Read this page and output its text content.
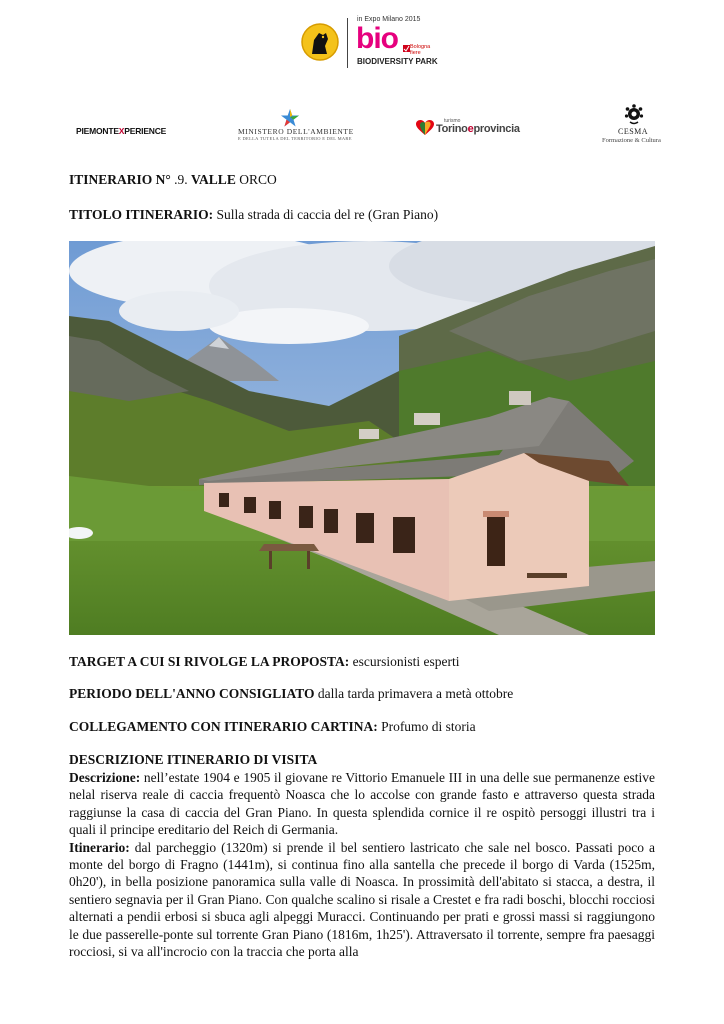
in Expo Milano 2015
bio Bologna
fiere
BIODIVERSITY PARK
PIEMONTEXPERIENCE	MINISTERO DELL'AMBIENTE
E DELLA TUTELA DEL TERRITORIO E DEL MARE
turismo
Torinoeprovincia	CESMA
Formazione & Cultura
ITINERARIO N° .9. VALLE ORCO
TITOLO ITINERARIO: Sulla strada di caccia del re (Gran Piano)
TARGET A CUI SI RIVOLGE LA PROPOSTA: escursionisti esperti
PERIODO DELL'ANNO CONSIGLIATO dalla tarda primavera a metà ottobre
COLLEGAMENTO CON ITINERARIO CARTINA: Profumo di storia
DESCRIZIONE ITINERARIO DI VISITA

Descrizione: nell’estate 1904 e 1905 il giovane re Vittorio Emanuele III in una delle sue permanenze estive nelal riserva reale di caccia frequentò Noasca che lo accolse con grande fasto e attraverso questa strada raggiunse la casa di caccia del Gran Piano. In questa splendida cornice il re ospitò persoggi illustri tra i quali il principe ereditario del Reich di Germania.

Itinerario: dal parcheggio (1320m) si prende il bel sentiero lastricato che sale nel bosco. Passati poco a monte del borgo di Fragno (1441m), si continua fino alla santella che precede il borgo di Varda (1525m, 0h20'), in bella posizione panoramica sulla valle di Noasca. In prossimità dell'abitato si stacca, a destra, il sentiero segnavia per il Gran Piano. Con qualche scalino si risale a Crestet e fra radi boschi, blocchi rocciosi alternati a pendii erbosi si sbuca agli alpeggi Muracci. Continuando per prati e grossi massi si raggiungono le due passerelle-ponte sul torrente Gran Piano (1816m, 1h25'). Attraversato il torrente, sempre fra paesaggi rocciosi, si va all'incrocio con la traccia che porta alla
